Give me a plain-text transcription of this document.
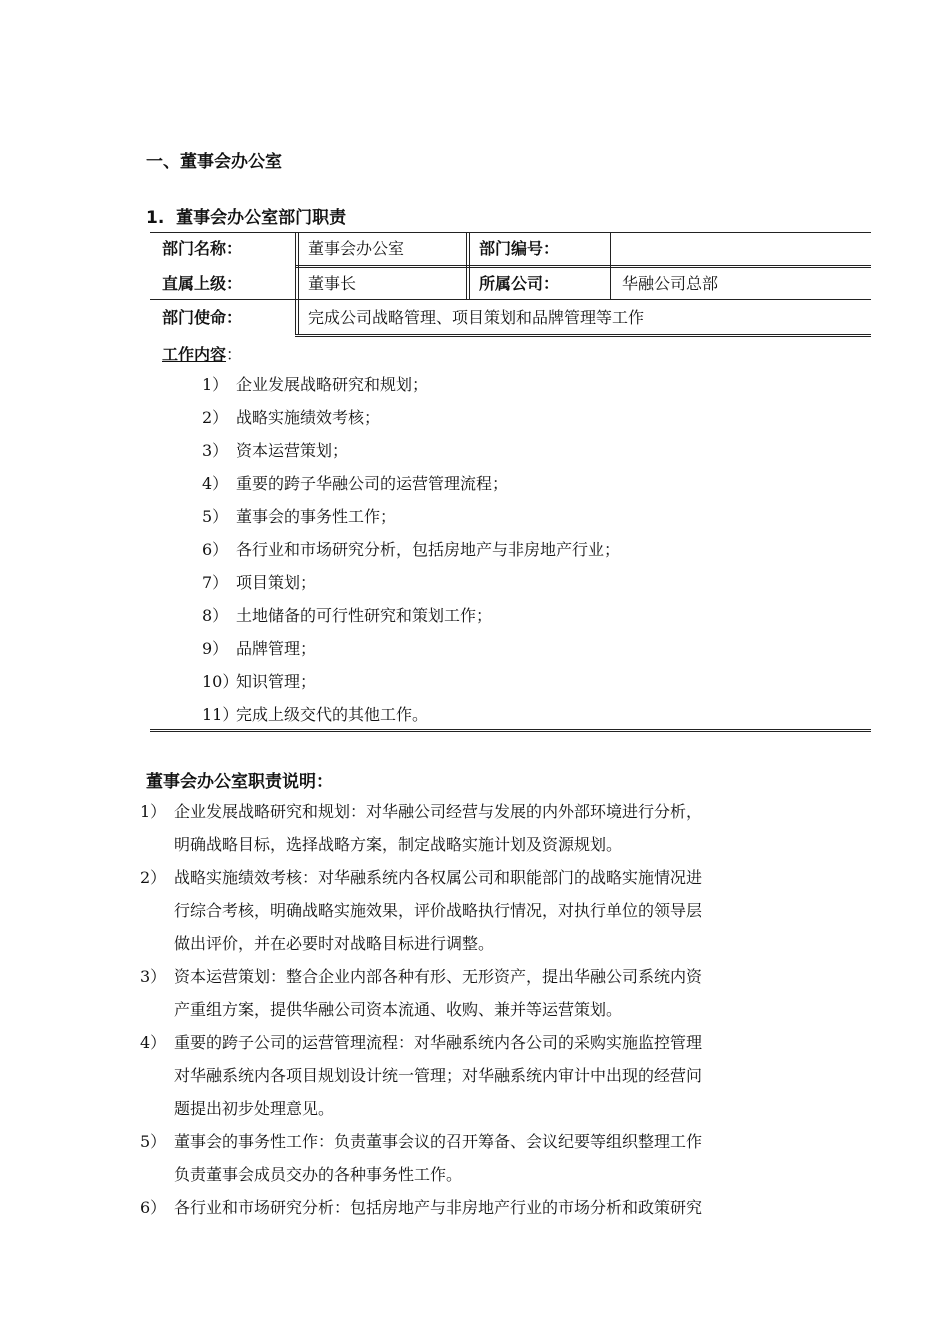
一、董事会办公室
1.  董事会办公室部门职责
部门名称：	董事会办公室	部门编号：
直属上级：	董事长	所属公司：	华融公司总部
部门使命：	完成公司战略管理、项目策划和品牌管理等工作
工作内容：
1） 企业发展战略研究和规划；
2） 战略实施绩效考核；
3） 资本运营策划；
4） 重要的跨子华融公司的运营管理流程；
5） 董事会的事务性工作；
6） 各行业和市场研究分析，包括房地产与非房地产行业；
7） 项目策划；
8） 土地储备的可行性研究和策划工作；
9） 品牌管理；
10）知识管理；
11）完成上级交代的其他工作。
董事会办公室职责说明：
1） 企业发展战略研究和规划：对华融公司经营与发展的内外部环境进行分析，
明确战略目标，选择战略方案，制定战略实施计划及资源规划。
2） 战略实施绩效考核：对华融系统内各权属公司和职能部门的战略实施情况进
行综合考核，明确战略实施效果，评价战略执行情况，对执行单位的领导层
做出评价，并在必要时对战略目标进行调整。
3） 资本运营策划：整合企业内部各种有形、无形资产，提出华融公司系统内资
产重组方案，提供华融公司资本流通、收购、兼并等运营策划。
4） 重要的跨子公司的运营管理流程：对华融系统内各公司的采购实施监控管理
对华融系统内各项目规划设计统一管理；对华融系统内审计中出现的经营问
题提出初步处理意见。
5） 董事会的事务性工作：负责董事会议的召开筹备、会议纪要等组织整理工作
负责董事会成员交办的各种事务性工作。
6） 各行业和市场研究分析：包括房地产与非房地产行业的市场分析和政策研究
